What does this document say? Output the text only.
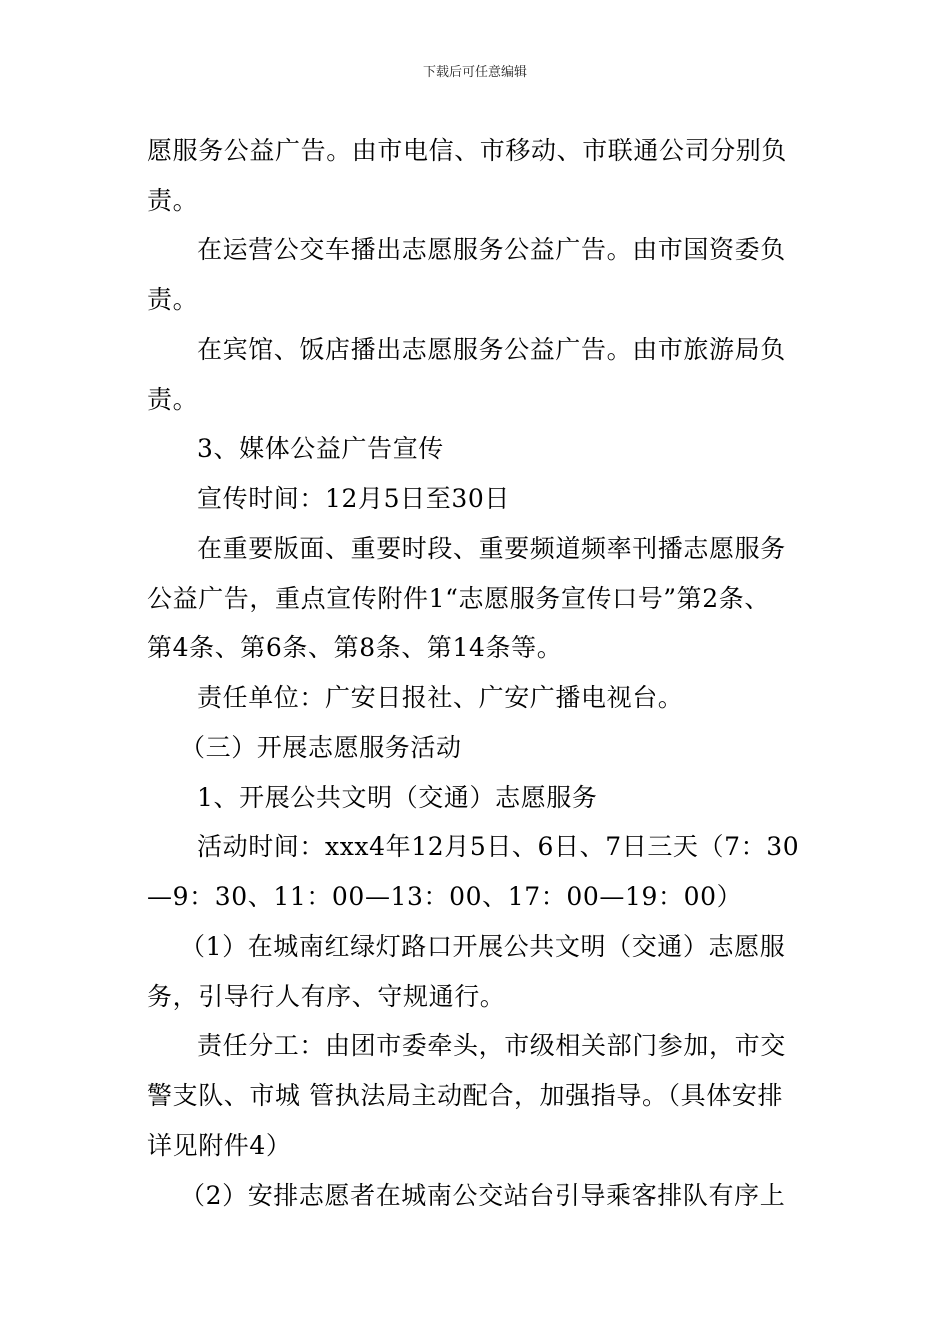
下载后可任意编辑
愿服务公益广告。由市电信、市移动、市联通公司分别负
责。
在运营公交车播出志愿服务公益广告。由市国资委负
责。
在宾馆、饭店播出志愿服务公益广告。由市旅游局负
责。
3、媒体公益广告宣传
宣传时间：12月5日至30日
在重要版面、重要时段、重要频道频率刊播志愿服务
公益广告，重点宣传附件1“志愿服务宣传口号”第2条、
第4条、第6条、第8条、第14条等。
责任单位：广安日报社、广安广播电视台。
（三）开展志愿服务活动
1、开展公共文明（交通）志愿服务
活动时间：xxx4年12月5日、6日、7日三天（7：30
—9：30、11：00—13：00、17：00—19：00）
（1）在城南红绿灯路口开展公共文明（交通）志愿服
务，引导行人有序、守规通行。
责任分工：由团市委牵头，市级相关部门参加，市交
警支队、市城 管执法局主动配合，加强指导。（具体安排
详见附件4）
（2）安排志愿者在城南公交站台引导乘客排队有序上
